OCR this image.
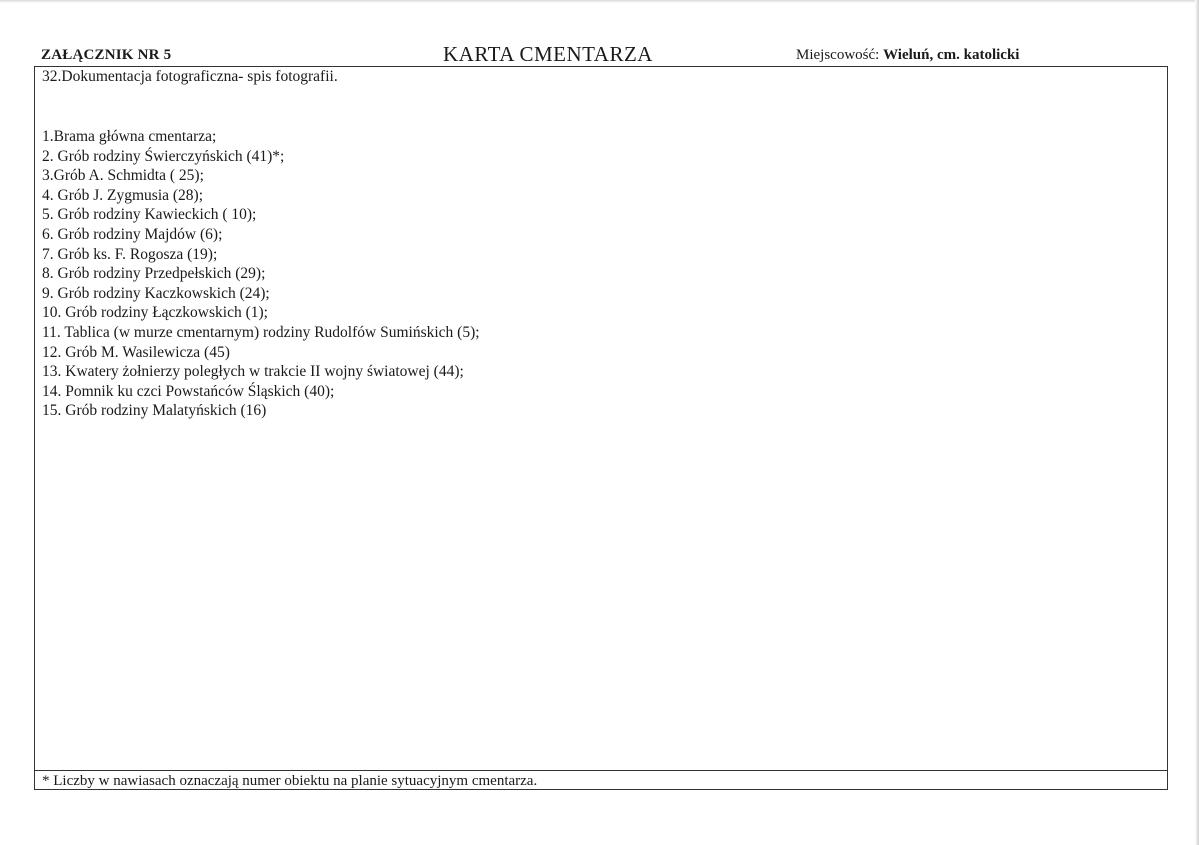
ZAŁĄCZNIK NR 5	KARTA CMENTARZA	Miejscowość: Wieluń, cm. katolicki
32.Dokumentacja fotograficzna- spis fotografii.
1.Brama główna cmentarza;
2. Grób rodziny Świerczyńskich (41)*;
3.Grób A. Schmidta ( 25);
4. Grób J. Zygmusia (28);
5. Grób rodziny Kawieckich ( 10);
6. Grób rodziny Majdów (6);
7. Grób ks. F. Rogosza (19);
8. Grób rodziny Przedpełskich (29);
9. Grób rodziny Kaczkowskich (24);
10. Grób rodziny Łączkowskich (1);
11. Tablica (w murze cmentarnym) rodziny Rudolfów Sumińskich (5);
12. Grób M. Wasilewicza (45)
13. Kwatery żołnierzy poległych w trakcie II wojny światowej (44);
14. Pomnik ku czci Powstańców Śląskich (40);
15. Grób rodziny Malatyńskich (16)
* Liczby w nawiasach oznaczają numer obiektu na planie sytuacyjnym cmentarza.
